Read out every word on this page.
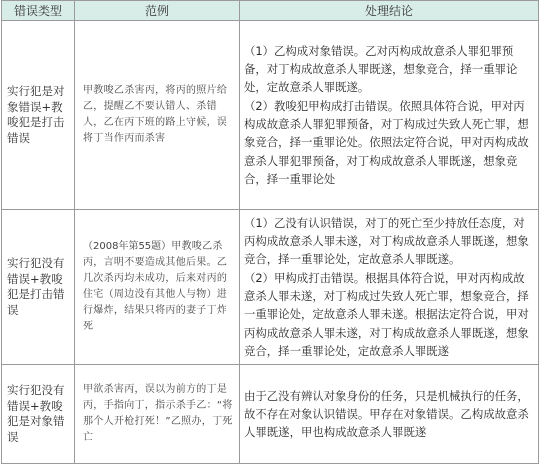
错误类型	范例	处理结论
实行犯是对象错误+教唆犯是打击错误	甲教唆乙杀害丙，将丙的照片给乙，提醒乙不要认错人、杀错人，乙在丙下班的路上守候，误将丁当作丙而杀害	（1）乙构成对象错误。乙对丙构成故意杀人罪犯罪预备，对丁构成故意杀人罪既遂，想象竞合，择一重罪论处，定故意杀人罪既遂。
（2）教唆犯甲构成打击错误。依照具体符合说，甲对丙构成故意杀人罪犯罪预备，对丁构成过失致人死亡罪，想象竞合，择一重罪论处。依照法定符合说，甲对丙构成故意杀人罪犯罪预备，对丁构成故意杀人罪既遂，想象竞合，择一重罪论处

实行犯没有错误+教唆犯是打击错误	（2008年第55题）甲教唆乙杀丙，言明不要造成其他后果。乙几次杀丙均未成功，后来对丙的住宅（周边没有其他人与物）进行爆炸，结果只将丙的妻子丁炸死	（1）乙没有认识错误，对丁的死亡至少持放任态度，对丙构成故意杀人罪未遂，对丁构成故意杀人罪既遂，想象竞合，择一重罪论处，定故意杀人罪既遂。
（2）甲构成打击错误。根据具体符合说，甲对丙构成故意杀人罪未遂，对丁构成过失致人死亡罪，想象竞合，择一重罪论处，定故意杀人罪未遂。根据法定符合说，甲对丙构成故意杀人罪未遂，对丁构成故意杀人罪既遂，想象竞合，择一重罪论处，定故意杀人罪既遂

实行犯没有错误+教唆犯是对象错误	甲欲杀害丙，误以为前方的丁是丙，手指向丁，指示杀手乙：“将那个人开枪打死！”乙照办，丁死亡	由于乙没有辨认对象身份的任务，只是机械执行的任务，故不存在对象认识错误。甲存在对象错误。乙构成故意杀人罪既遂，甲也构成故意杀人罪既遂
